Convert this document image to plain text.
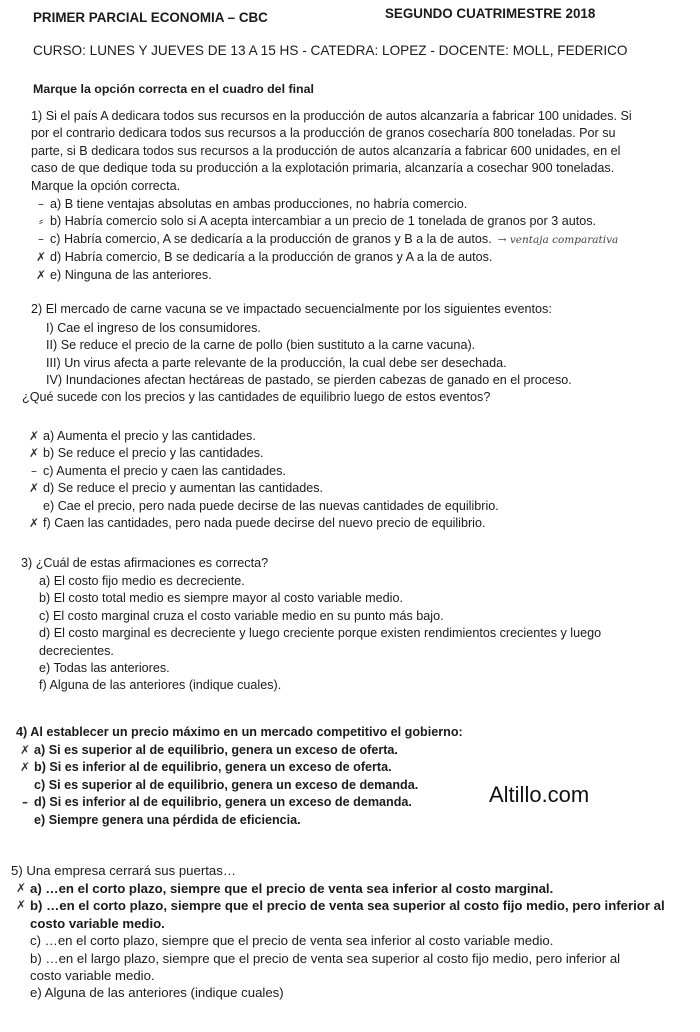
PRIMER PARCIAL ECONOMIA – CBC	SEGUNDO CUATRIMESTRE 2018
CURSO: LUNES Y JUEVES DE 13 A 15 HS - CATEDRA: LOPEZ - DOCENTE: MOLL, FEDERICO
Marque la opción correcta en el cuadro del final
1) Si el país A dedicara todos sus recursos en la producción de autos alcanzaría a fabricar 100 unidades. Si
por el contrario dedicara todos sus recursos a la producción de granos cosecharía 800 toneladas. Por su
parte, si B dedicara todos sus recursos a la producción de autos alcanzaría a fabricar 600 unidades, en el
caso de que dedique toda su producción a la explotación primaria, alcanzaría a cosechar 900 toneladas.
Marque la opción correcta.
– a) B tiene ventajas absolutas en ambas producciones, no habría comercio.
⸗ b) Habría comercio solo si A acepta intercambiar a un precio de 1 tonelada de granos por 3 autos.
– c) Habría comercio, A se dedicaría a la producción de granos y B a la de autos. → ventaja comparativa
✗ d) Habría comercio, B se dedicaría a la producción de granos y A a la de autos.
✗ e) Ninguna de las anteriores.
2) El mercado de carne vacuna se ve impactado secuencialmente por los siguientes eventos:
I) Cae el ingreso de los consumidores.
II) Se reduce el precio de la carne de pollo (bien sustituto a la carne vacuna).
III) Un virus afecta a parte relevante de la producción, la cual debe ser desechada.
IV) Inundaciones afectan hectáreas de pastado, se pierden cabezas de ganado en el proceso.
¿Qué sucede con los precios y las cantidades de equilibrio luego de estos eventos?
✗ a) Aumenta el precio y las cantidades.
✗ b) Se reduce el precio y las cantidades.
– c) Aumenta el precio y caen las cantidades.
✗ d) Se reduce el precio y aumentan las cantidades.
e) Cae el precio, pero nada puede decirse de las nuevas cantidades de equilibrio.
✗ f) Caen las cantidades, pero nada puede decirse del nuevo precio de equilibrio.
3) ¿Cuál de estas afirmaciones es correcta?
a) El costo fijo medio es decreciente.
b) El costo total medio es siempre mayor al costo variable medio.
c) El costo marginal cruza el costo variable medio en su punto más bajo.
d) El costo marginal es decreciente y luego creciente porque existen rendimientos crecientes y luego
decrecientes.
e) Todas las anteriores.
f) Alguna de las anteriores (indique cuales).
4) Al establecer un precio máximo en un mercado competitivo el gobierno:
✗ a) Si es superior al de equilibrio, genera un exceso de oferta.
✗ b) Si es inferior al de equilibrio, genera un exceso de oferta.
c) Si es superior al de equilibrio, genera un exceso de demanda.
– d) Si es inferior al de equilibrio, genera un exceso de demanda.
e) Siempre genera una pérdida de eficiencia.
Altillo.com
5) Una empresa cerrará sus puertas…
✗ a) …en el corto plazo, siempre que el precio de venta sea inferior al costo marginal.
✗ b) …en el corto plazo, siempre que el precio de venta sea superior al costo fijo medio, pero inferior al
costo variable medio.
c) …en el corto plazo, siempre que el precio de venta sea inferior al costo variable medio.
b) …en el largo plazo, siempre que el precio de venta sea superior al costo fijo medio, pero inferior al
costo variable medio.
e) Alguna de las anteriores (indique cuales)
